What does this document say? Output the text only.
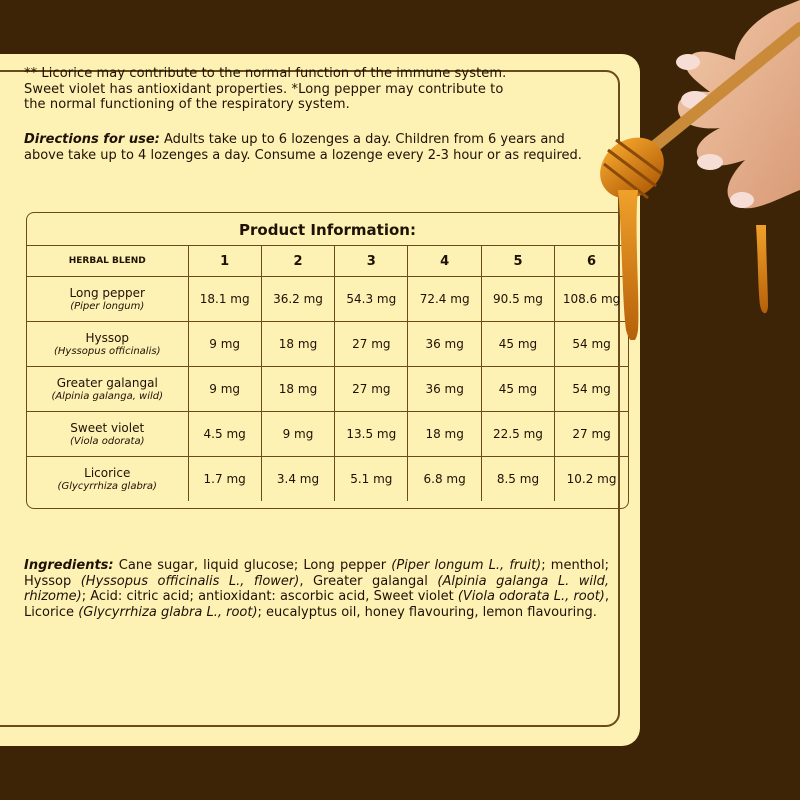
** Licorice may contribute to the normal function of the immune system. Sweet violet has antioxidant properties. *Long pepper may contribute to the normal functioning of the respiratory system.
Directions for use: Adults take up to 6 lozenges a day. Children from 6 years and above take up to 4 lozenges a day. Consume a lozenge every 2-3 hour or as required.
Product Information:
HERBAL BLEND	1	2	3	4	5	6

Long pepper
(Piper longum)	18.1 mg	36.2 mg	54.3 mg	72.4 mg	90.5 mg	108.6 mg

Hyssop
(Hyssopus officinalis)	9 mg	18 mg	27 mg	36 mg	45 mg	54 mg

Greater galangal
(Alpinia galanga, wild)	9 mg	18 mg	27 mg	36 mg	45 mg	54 mg

Sweet violet
(Viola odorata)	4.5 mg	9 mg	13.5 mg	18 mg	22.5 mg	27 mg

Licorice
(Glycyrrhiza glabra)	1.7 mg	3.4 mg	5.1 mg	6.8 mg	8.5 mg	10.2 mg
Ingredients: Cane sugar, liquid glucose; Long pepper (Piper longum L., fruit); menthol; Hyssop (Hyssopus officinalis L., flower), Greater galangal (Alpinia galanga L. wild, rhizome); Acid: citric acid; antioxidant: ascorbic acid, Sweet violet (Viola odorata L., root), Licorice (Glycyrrhiza glabra L., root); eucalyptus oil, honey flavouring, lemon flavouring.
